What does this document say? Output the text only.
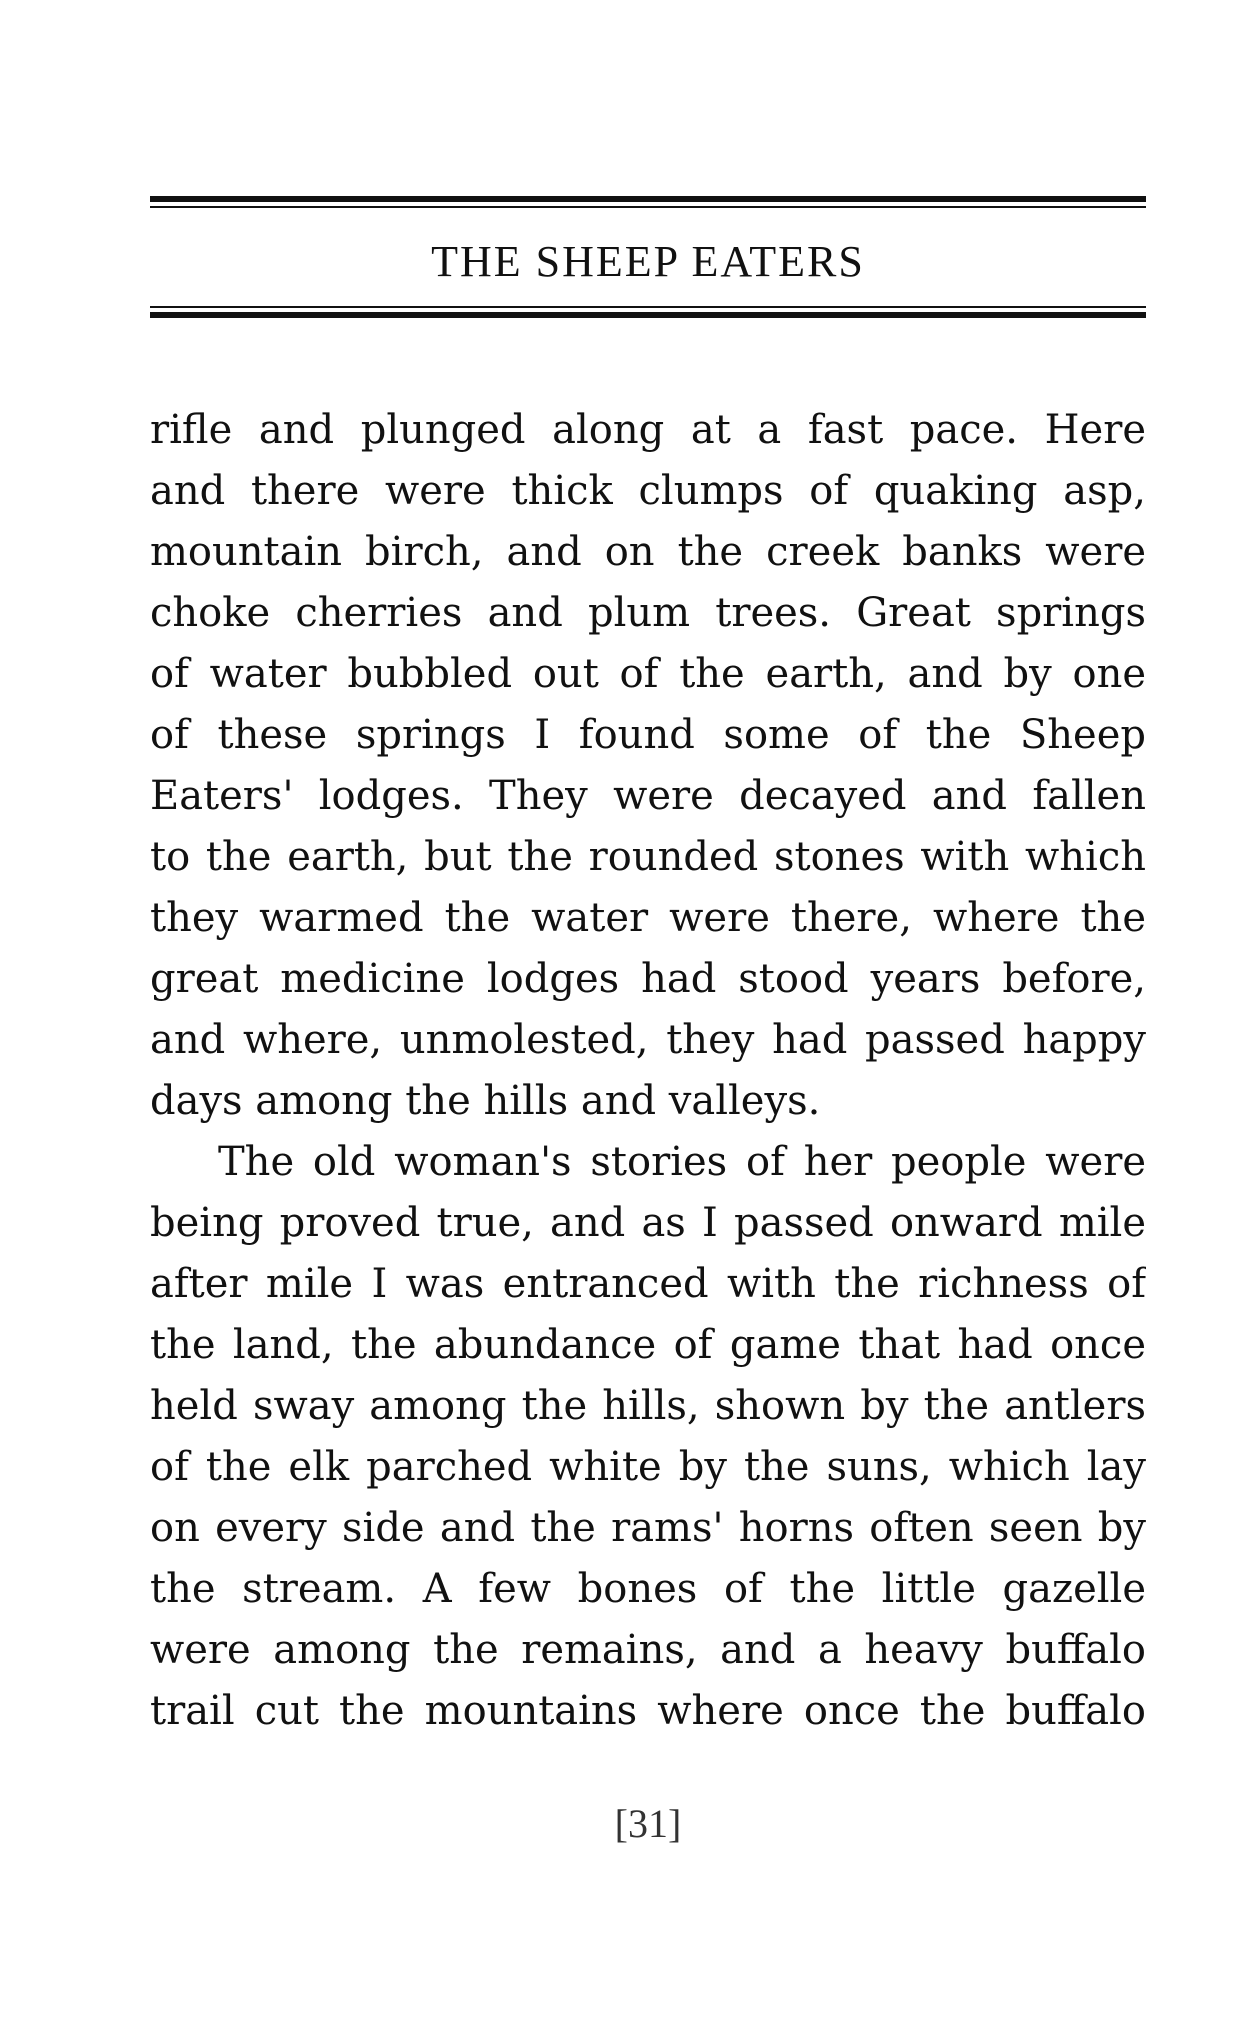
THE SHEEP EATERS
rifle and plunged along at a fast pace. Here
and there were thick clumps of quaking asp,
mountain birch, and on the creek banks were
choke cherries and plum trees. Great springs
of water bubbled out of the earth, and by one
of these springs I found some of the Sheep
Eaters' lodges. They were decayed and fallen
to the earth, but the rounded stones with which
they warmed the water were there, where the
great medicine lodges had stood years before,
and where, unmolested, they had passed happy
days among the hills and valleys.
The old woman's stories of her people were
being proved true, and as I passed onward mile
after mile I was entranced with the richness of
the land, the abundance of game that had once
held sway among the hills, shown by the antlers
of the elk parched white by the suns, which lay
on every side and the rams' horns often seen by
the stream. A few bones of the little gazelle
were among the remains, and a heavy buffalo
trail cut the mountains where once the buffalo
[31]
